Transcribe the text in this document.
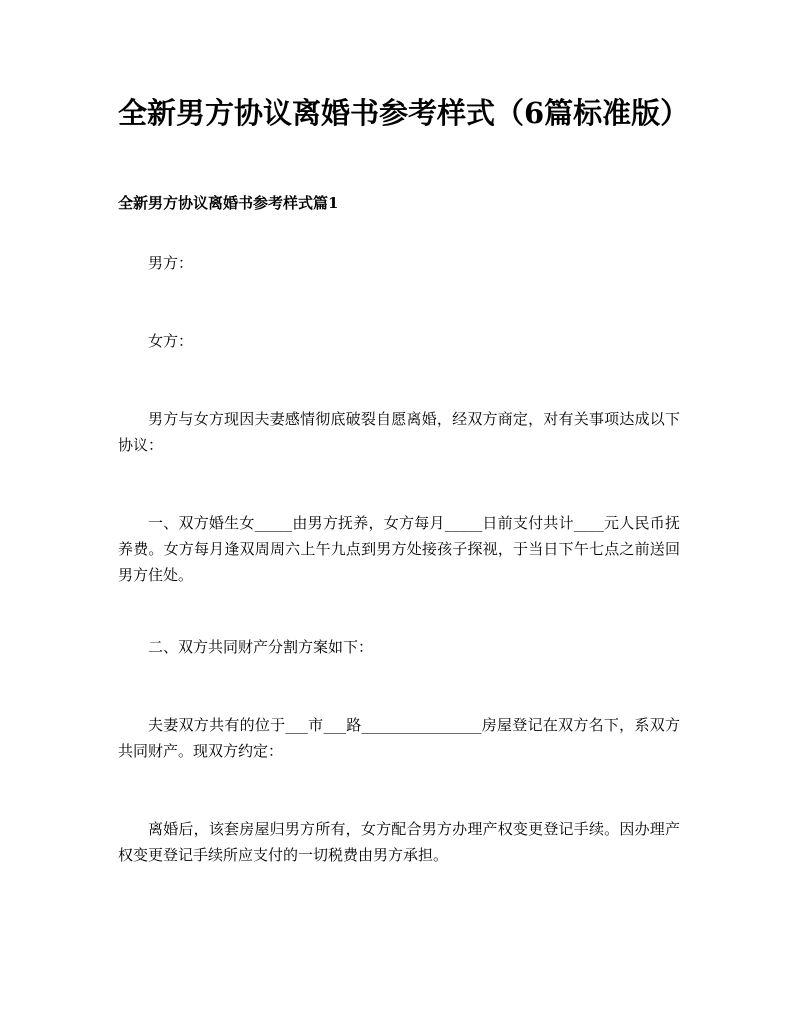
全新男方协议离婚书参考样式（6篇标准版）
全新男方协议离婚书参考样式篇1

男方：

女方：

男方与女方现因夫妻感情彻底破裂自愿离婚，经双方商定，对有关事项达成以下协议：

一、双方婚生女_____由男方抚养，女方每月_____日前支付共计____元人民币抚养费。女方每月逢双周周六上午九点到男方处接孩子探视，于当日下午七点之前送回男方住处。

二、双方共同财产分割方案如下：

夫妻双方共有的位于___市___路________________房屋登记在双方名下，系双方共同财产。现双方约定：

离婚后，该套房屋归男方所有，女方配合男方办理产权变更登记手续。因办理产权变更登记手续所应支付的一切税费由男方承担。
